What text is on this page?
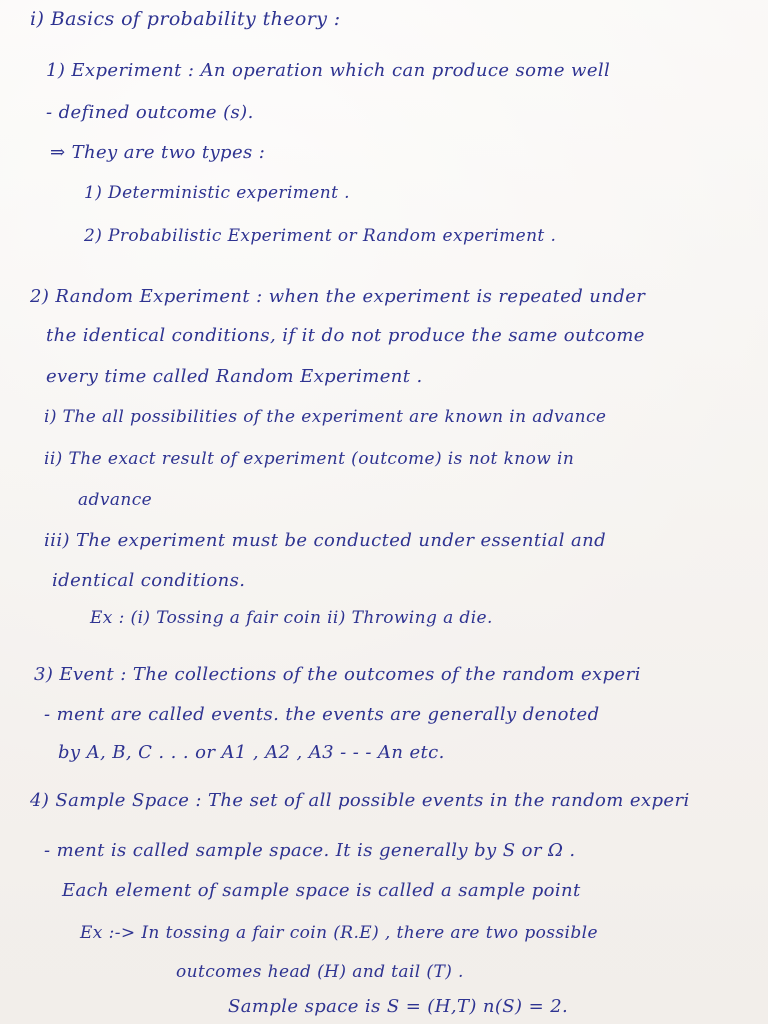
i) Basics of probability theory :
1) Experiment : An operation which can produce some well
- defined outcome (s).
⇒ They are two types :
1) Deterministic experiment .
2) Probabilistic Experiment or Random experiment .
2) Random Experiment : when the experiment is repeated under
the identical conditions, if it do not produce the same outcome
every time called Random Experiment .
i) The all possibilities of the experiment are known in advance
ii) The exact result of experiment (outcome) is not know in
advance
iii) The experiment must be conducted under essential and
identical conditions.
Ex : (i) Tossing a fair coin ii) Throwing a die.
3) Event : The collections of the outcomes of the random experi
- ment are called events. the events are generally denoted
by A, B, C . . . or A1 , A2 , A3 - - - An etc.
4) Sample Space : The set of all possible events in the random experi
- ment is called sample space. It is generally by S or Ω .
Each element of sample space is called a sample point
Ex :-> In tossing a fair coin (R.E) , there are two possible
outcomes head (H) and tail (T) .
Sample space is S = (H,T) n(S) = 2.
